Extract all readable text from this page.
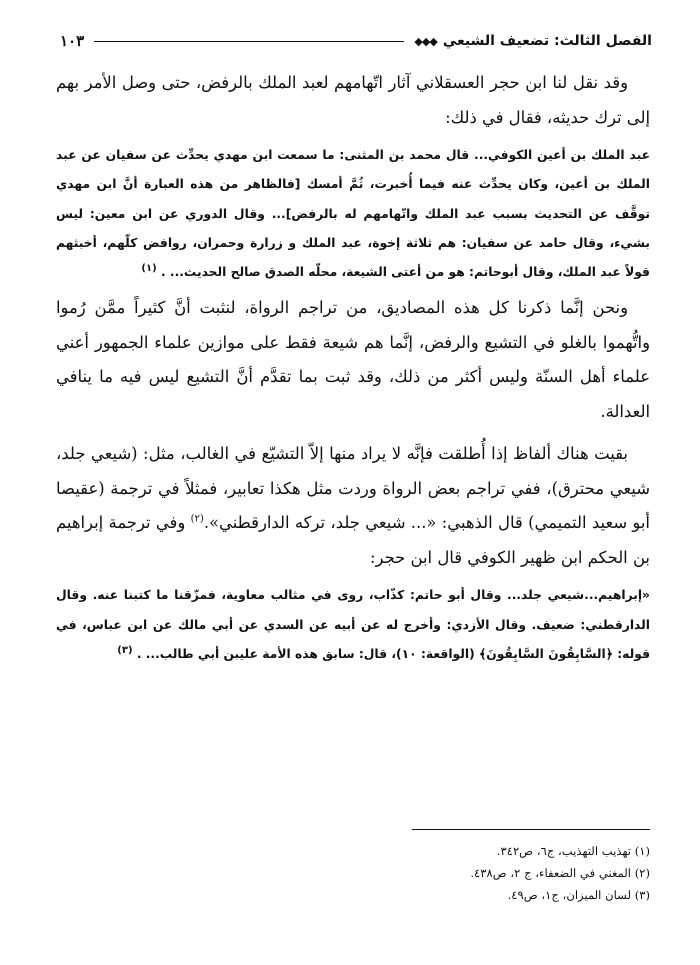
الفصل الثالث: تضعيف الشيعي
◆◆◆
١٠٣

وقد نقل لنا ابن حجر العسقلاني آثار اتّهامهم لعبد الملك بالرفض، حتى وصل الأمر بهم إلى ترك حديثه، فقال في ذلك:

عبد الملك بن أعين الكوفي... قال محمد بن المثنى: ما سمعت ابن مهدي يحدِّث عن سفيان عن عبد الملك بن أعين، وكان يحدِّث عنه فيما أُخبرت، ثُمَّ أمسك [فالظاهر من هذه العبارة أنَّ ابن مهدي توقَّف عن التحديث بسبب عبد الملك واتّهامهم له بالرفض]... وقال الدوري عن ابن معين: ليس بشيء، وقال حامد عن سفيان: هم ثلاثة إخوة، عبد الملك و زرارة وحمران، روافض كلّهم، أخبثهم قولاً عبد الملك، وقال أبوحاتم: هو من أعتى الشيعة، محلّه الصدق صالح الحديث... . $^{(١)}$

ونحن إنَّما ذكرنا كل هذه المصاديق، من تراجم الرواة، لنثبت أنَّ كثيراً ممَّن رُموا واتُّهموا بالغلو في التشيع والرفض، إنَّما هم شيعة فقط على موازين علماء الجمهور أعني علماء أهل السنّة وليس أكثر من ذلك، وقد ثبت بما تقدَّم أنَّ التشيع ليس فيه ما ينافي العدالة.

بقيت هناك ألفاظ إذا أُطلقت فإنَّه لا يراد منها إلاّ التشيّع في الغالب، مثل: (شيعي جلد، شيعي محترق)، ففي تراجم بعض الرواة وردت مثل هكذا تعابير، فمثلاً في ترجمة (عقيصا أبو سعيد التميمي) قال الذهبي: «... شيعي جلد، تركه الدارقطني».$^{(٢)}$ وفي ترجمة إبراهيم بن الحكم ابن ظهير الكوفي قال ابن حجر:

«إبراهيم...شيعي جلد... وقال أبو حاتم: كذّاب، روى في مثالب معاوية، فمزّقنا ما كتبنا عنه. وقال الدارقطني: ضعيف. وقال الأزدي: وأخرج له عن أبيه عن السدي عن أبي مالك عن ابن عباس، في قوله: ﴿السَّابِقُونَ السَّابِقُونَ﴾ (الواقعة: ١٠)، قال: سابق هذه الأمة عليبن أبي طالب... . $^{(٣)}$

(١) تهذيب التهذيب، ج٦، ص٣٤٢.
(٢) المغني في الضعفاء، ج ٢، ص٤٣٨.
(٣) لسان الميزان، ج١، ص٤٩.
